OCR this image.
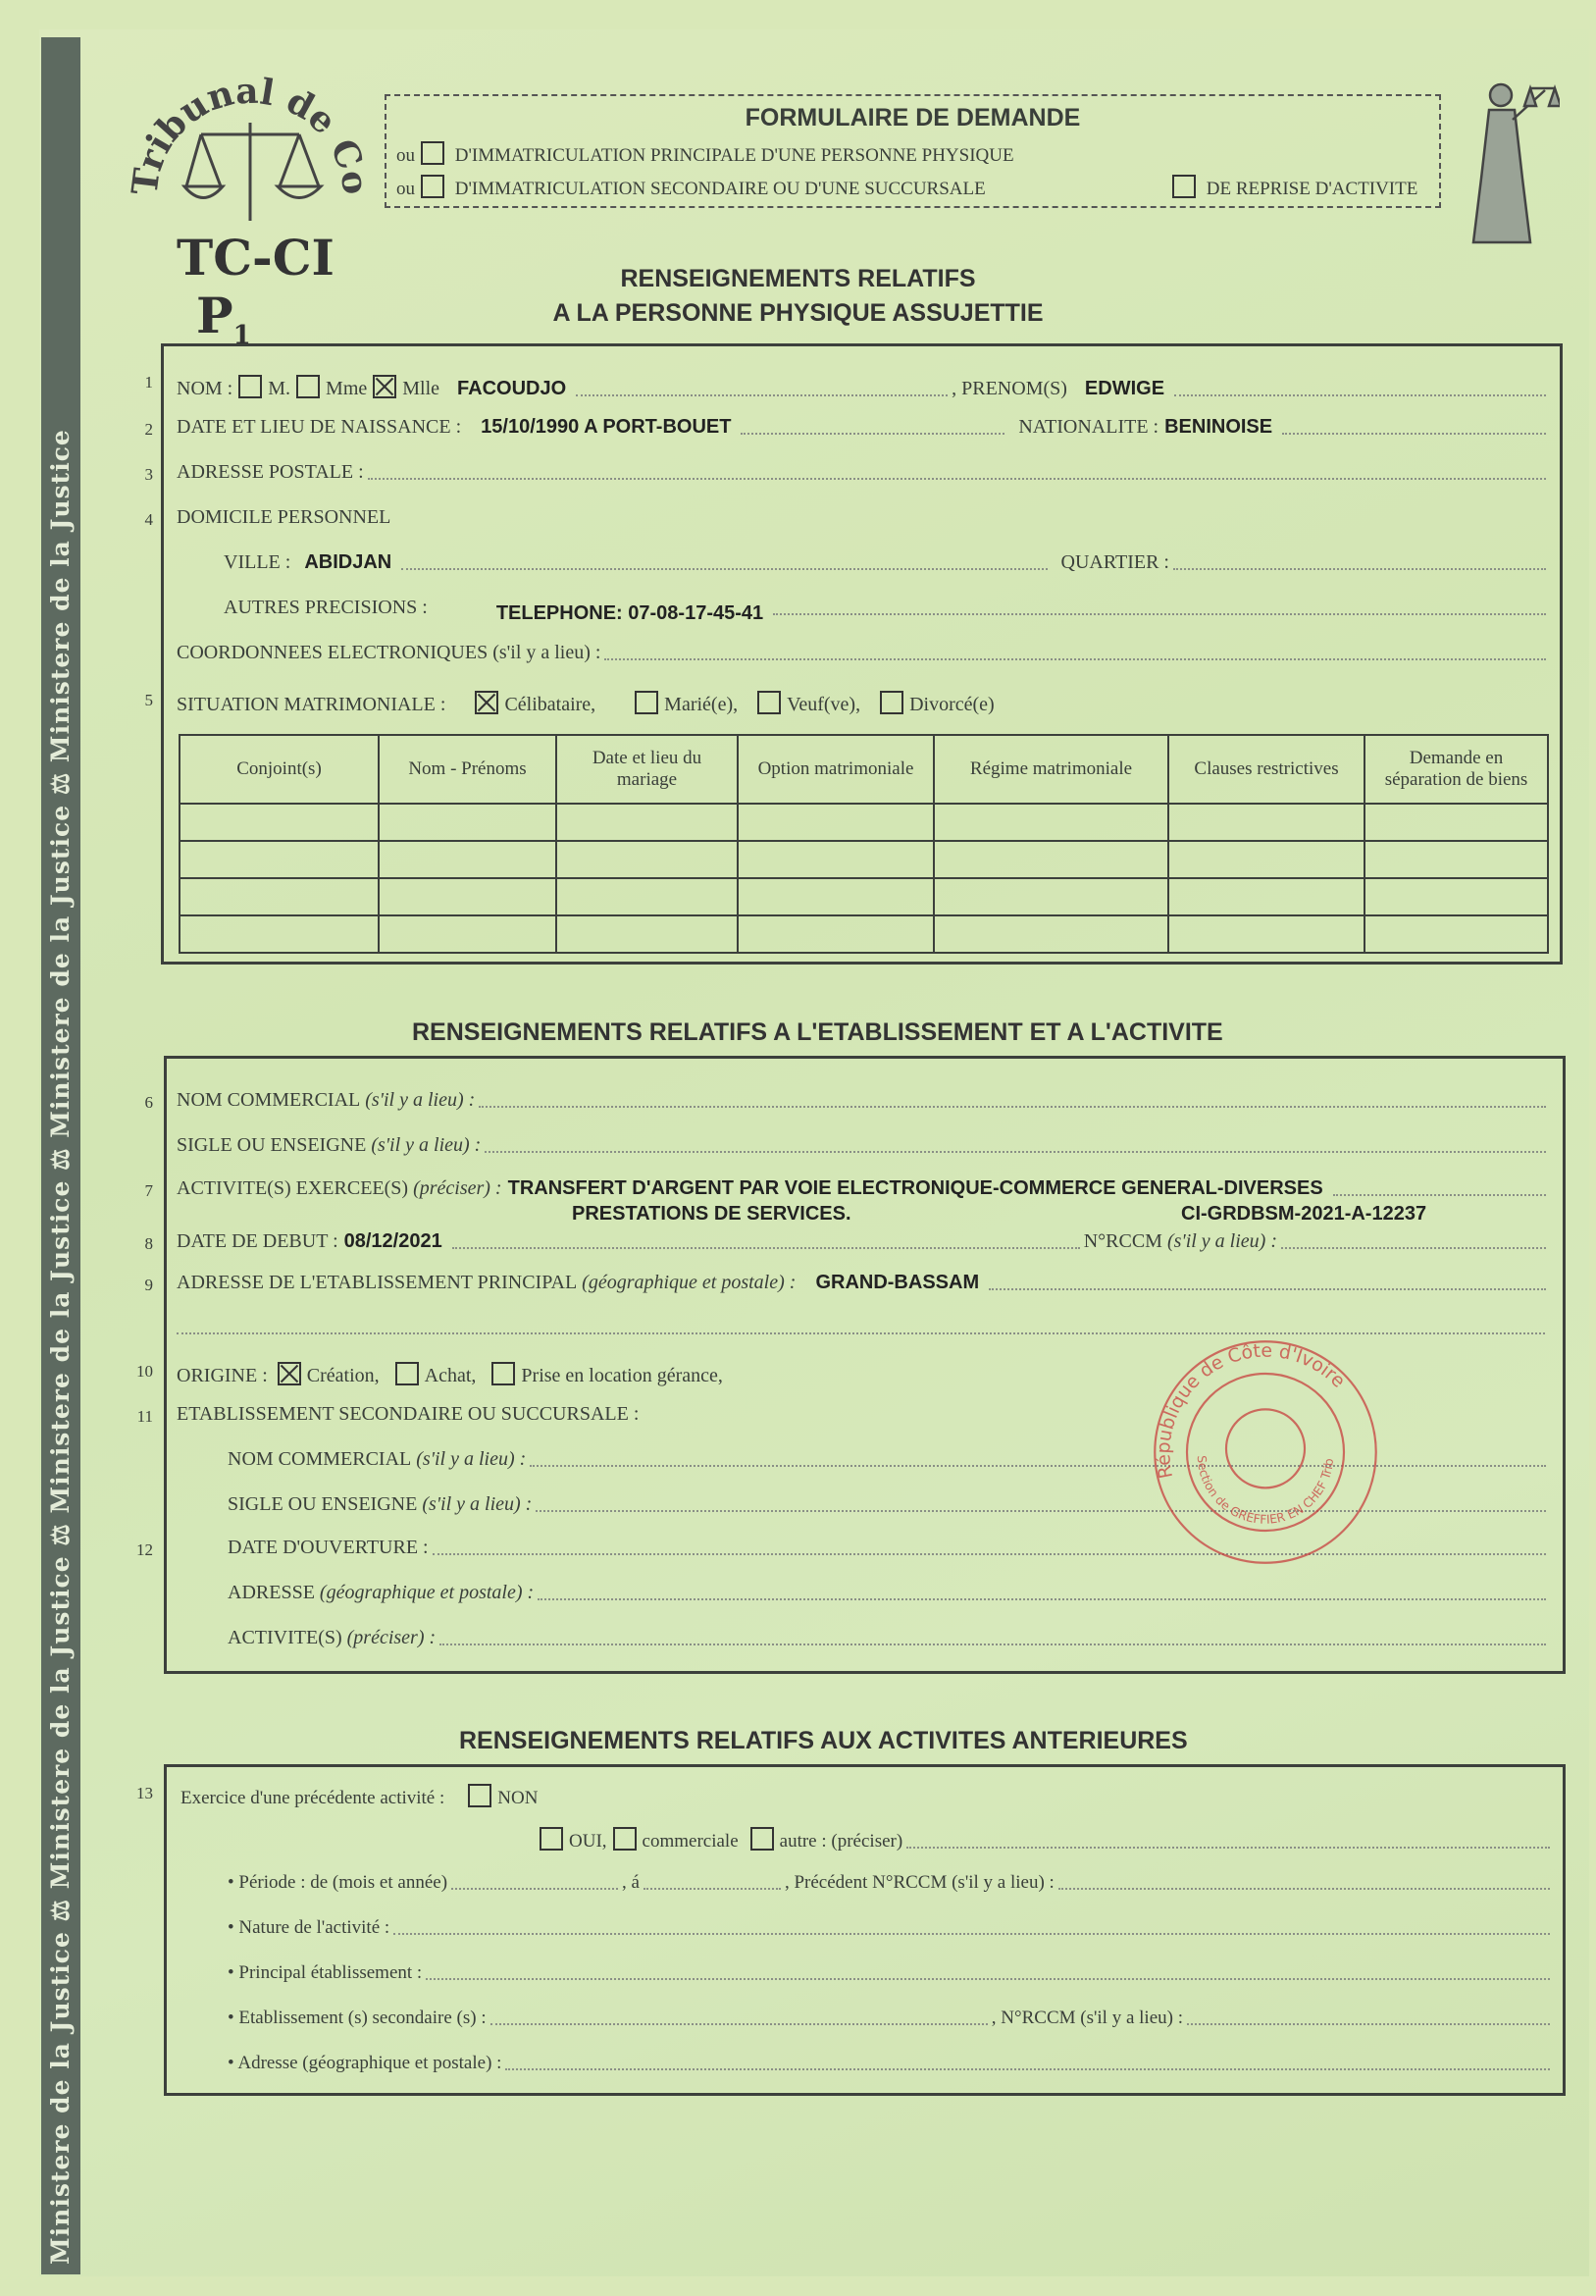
Ministere de la Justice ⚖ Ministere de la Justice ⚖ Ministere de la Justice ⚖ Ministere de la Justice ⚖ Ministere de la Justice
Tribunal de Co
TC-CI $P_1$
FORMULAIRE DE DEMANDE
ou D'IMMATRICULATION PRINCIPALE D'UNE PERSONNE PHYSIQUE
ou D'IMMATRICULATION SECONDAIRE OU D'UNE SUCCURSALE	DE REPRISE D'ACTIVITE
RENSEIGNEMENTS RELATIFS
A LA PERSONNE PHYSIQUE ASSUJETTIE
1 NOM : M. Mme Mlle FACOUDJO	, PRENOM(S) EDWIGE
2 DATE ET LIEU DE NAISSANCE : 15/10/1990 A PORT-BOUET	NATIONALITE : BENINOISE
3 ADRESSE POSTALE :
4 DOMICILE PERSONNEL
VILLE : ABIDJAN	QUARTIER :
AUTRES PRECISIONS :	TELEPHONE: 07-08-17-45-41
COORDONNEES ELECTRONIQUES (s'il y a lieu) :
5 SITUATION MATRIMONIALE :	Célibataire,	Marié(e),	Veuf(ve),	Divorcé(e)
Conjoint(s)	Nom - Prénoms	Date et lieu du mariage	Option matrimoniale	Régime matrimoniale	Clauses restrictives	Demande en séparation de biens

RENSEIGNEMENTS RELATIFS A L'ETABLISSEMENT ET A L'ACTIVITE
6 NOM COMMERCIAL
(s'il y a lieu) :
SIGLE OU ENSEIGNE
(s'il y a lieu) :
7 ACTIVITE(S) EXERCEE(S)
(préciser) : TRANSFERT D'ARGENT PAR VOIE ELECTRONIQUE-COMMERCE GENERAL-DIVERSES
PRESTATIONS DE SERVICES.	CI-GRDBSM-2021-A-12237
8 DATE DE DEBUT : 08/12/2021	N°RCCM
(s'il y a lieu) :
9 ADRESSE DE L'ETABLISSEMENT PRINCIPAL
(géographique et postale) : GRAND-BASSAM
10 ORIGINE : Création, Achat, Prise en location gérance,
11 ETABLISSEMENT SECONDAIRE OU SUCCURSALE :
NOM COMMERCIAL
(s'il y a lieu) :
SIGLE OU ENSEIGNE
(s'il y a lieu) :
12	DATE D'OUVERTURE :
ADRESSE
(géographique et postale) :
ACTIVITE(S)
(préciser) :
RENSEIGNEMENTS RELATIFS AUX ACTIVITES ANTERIEURES
13 Exercice d'une précédente activité :	NON
OUI, commerciale autre : (préciser)
• Période : de (mois et année)	, á	, Précédent N°RCCM (s'il y a lieu) :
• Nature de l'activité :
• Principal établissement :
• Etablissement (s) secondaire (s) :	, N°RCCM (s'il y a lieu) :
• Adresse (géographique et postale) :
République de Côte d'Ivoire
Section de GREFFIER EN CHEF Trib
